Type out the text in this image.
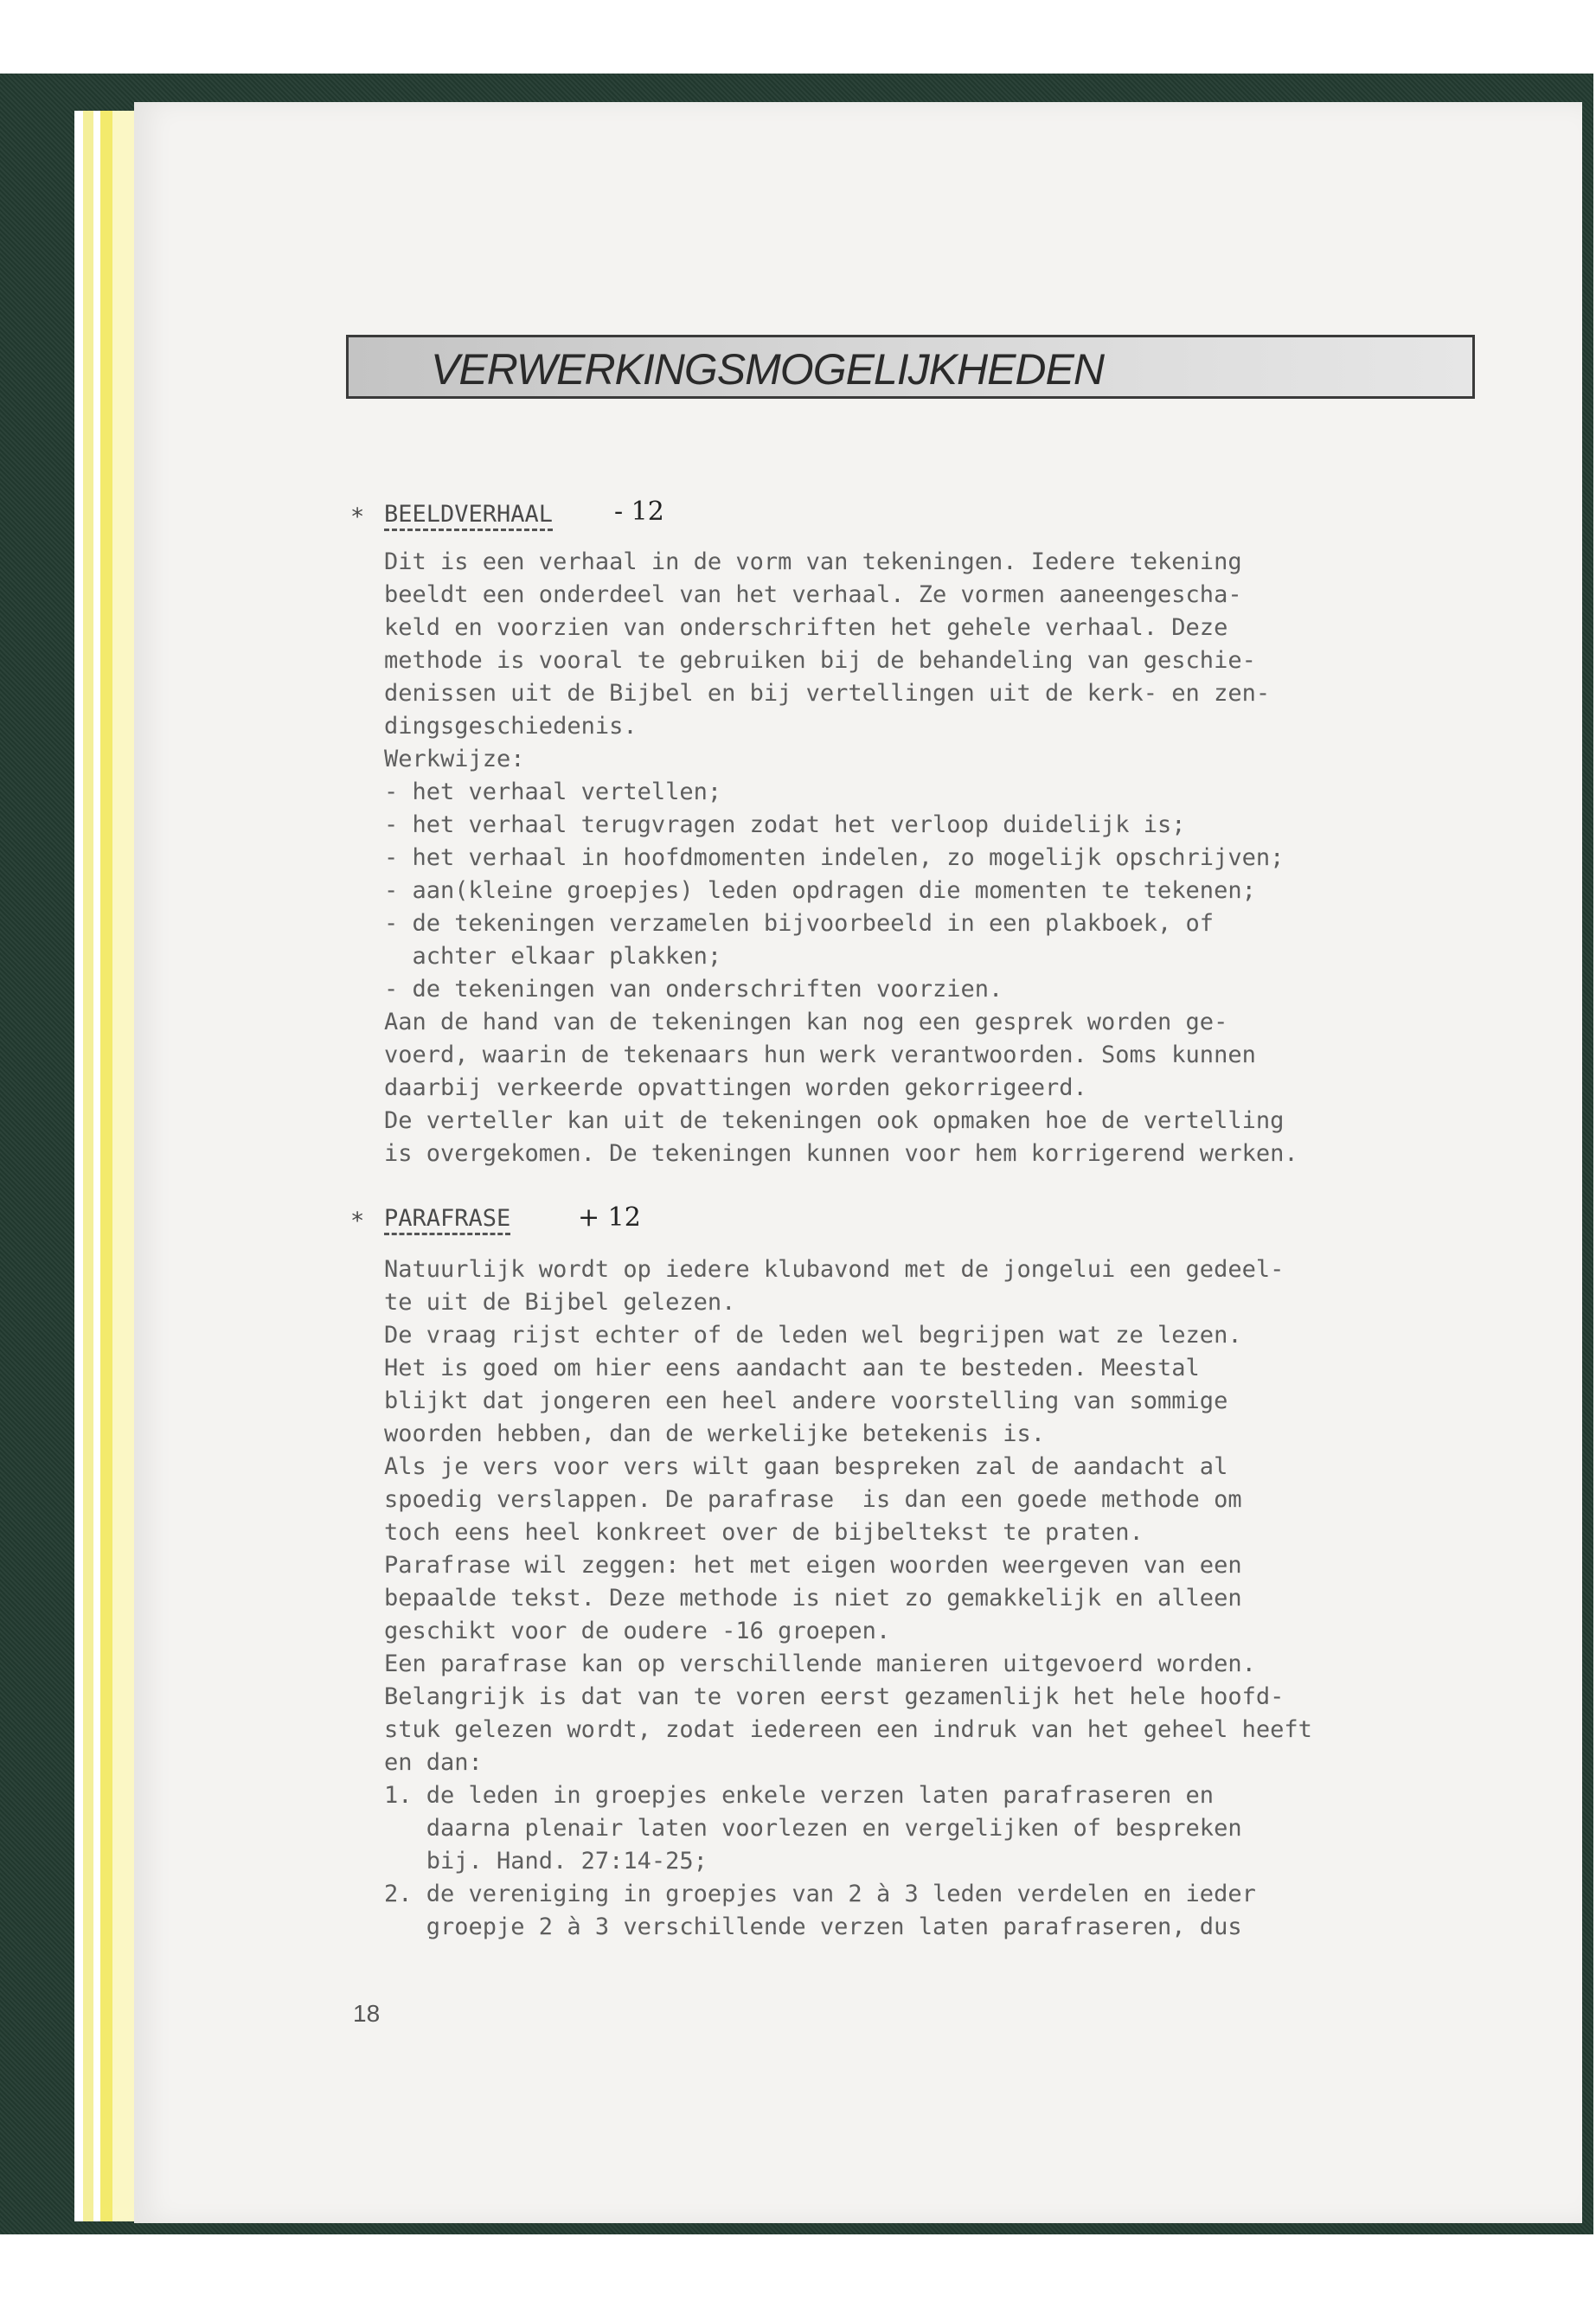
VERWERKINGSMOGELIJKHEDEN
* BEELDVERHAAL - 12

Dit is een verhaal in de vorm van tekeningen. Iedere tekening

beeldt een onderdeel van het verhaal. Ze vormen aaneengescha-

keld en voorzien van onderschriften het gehele verhaal. Deze

methode is vooral te gebruiken bij de behandeling van geschie-

denissen uit de Bijbel en bij vertellingen uit de kerk- en zen-

dingsgeschiedenis.

Werkwijze:

- het verhaal vertellen;

- het verhaal terugvragen zodat het verloop duidelijk is;

- het verhaal in hoofdmomenten indelen, zo mogelijk opschrijven;

- aan(kleine groepjes) leden opdragen die momenten te tekenen;

- de tekeningen verzamelen bijvoorbeeld in een plakboek, of

achter elkaar plakken;

- de tekeningen van onderschriften voorzien.

Aan de hand van de tekeningen kan nog een gesprek worden ge-

voerd, waarin de tekenaars hun werk verantwoorden. Soms kunnen

daarbij verkeerde opvattingen worden gekorrigeerd.

De verteller kan uit de tekeningen ook opmaken hoe de vertelling

is overgekomen. De tekeningen kunnen voor hem korrigerend werken.

* PARAFRASE	+ 12

Natuurlijk wordt op iedere klubavond met de jongelui een gedeel-

te uit de Bijbel gelezen.

De vraag rijst echter of de leden wel begrijpen wat ze lezen.

Het is goed om hier eens aandacht aan te besteden. Meestal

blijkt dat jongeren een heel andere voorstelling van sommige

woorden hebben, dan de werkelijke betekenis is.

Als je vers voor vers wilt gaan bespreken zal de aandacht al

spoedig verslappen. De parafrase  is dan een goede methode om

toch eens heel konkreet over de bijbeltekst te praten.

Parafrase wil zeggen: het met eigen woorden weergeven van een

bepaalde tekst. Deze methode is niet zo gemakkelijk en alleen

geschikt voor de oudere -16 groepen.

Een parafrase kan op verschillende manieren uitgevoerd worden.

Belangrijk is dat van te voren eerst gezamenlijk het hele hoofd-

stuk gelezen wordt, zodat iedereen een indruk van het geheel heeft

en dan:

1. de leden in groepjes enkele verzen laten parafraseren en

daarna plenair laten voorlezen en vergelijken of bespreken

bij. Hand. 27:14-25;

2. de vereniging in groepjes van 2 à 3 leden verdelen en ieder

groepje 2 à 3 verschillende verzen laten parafraseren, dus

18
